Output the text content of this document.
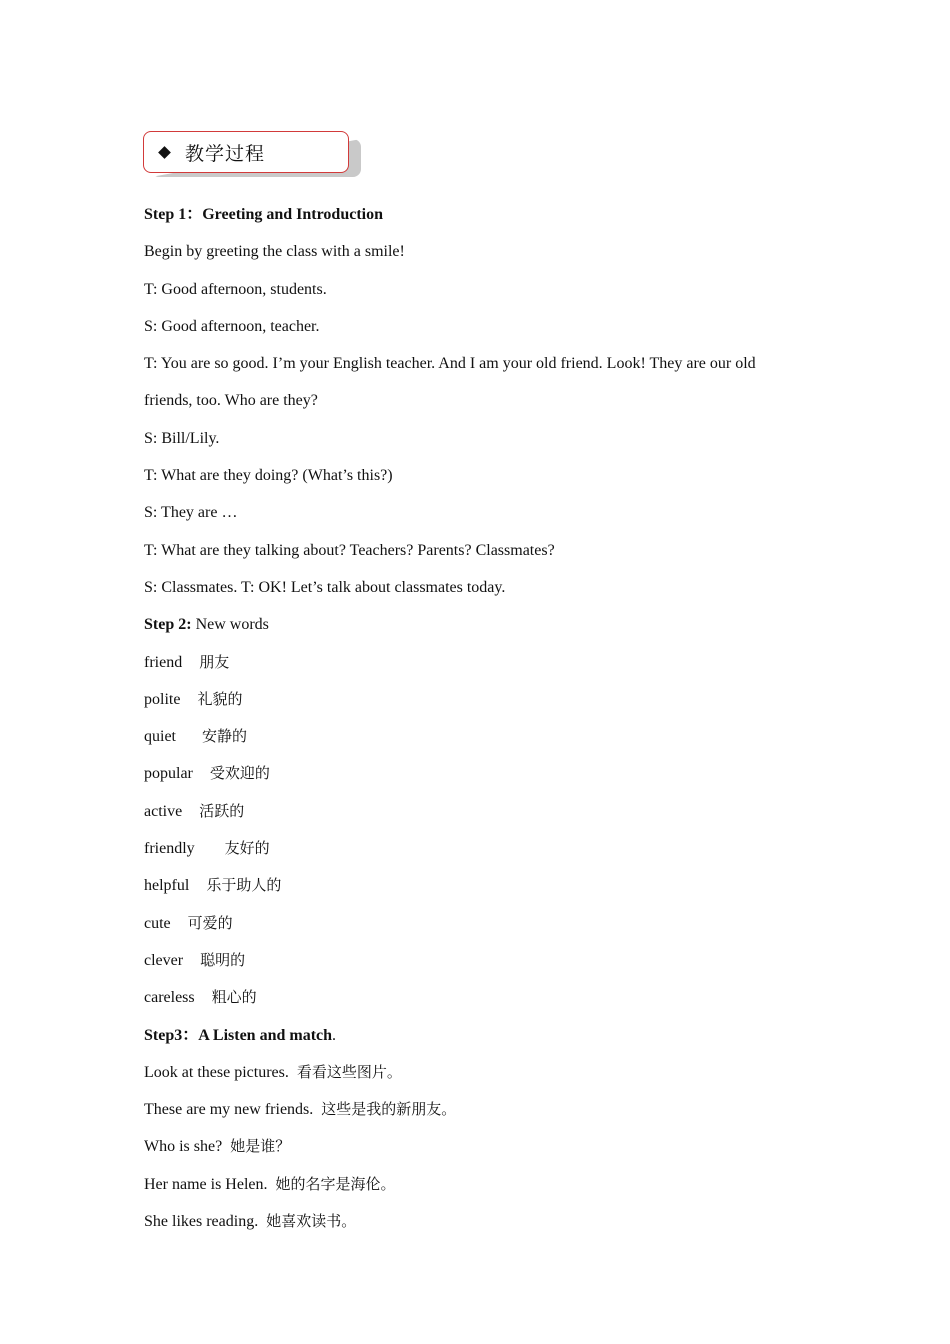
教学过程

Step 1：Greeting and Introduction

Begin by greeting the class with a smile!

T: Good afternoon, students.

S: Good afternoon, teacher.

T: You are so good. I’m your English teacher. And I am your old friend. Look! They are our old

friends, too. Who are they?

S: Bill/Lily.

T: What are they doing? (What’s this?)

S: They are …

T: What are they talking about? Teachers? Parents? Classmates?

S: Classmates. T: OK! Let’s talk about classmates today.

Step 2: New words

friend 朋友

polite 礼貌的

quiet 安静的

popular 受欢迎的

active 活跃的

friendly 友好的

helpful 乐于助人的

cute 可爱的

clever 聪明的

careless 粗心的

Step3：A Listen and match.

Look at these pictures. 看看这些图片。

These are my new friends. 这些是我的新朋友。

Who is she? 她是谁？

Her name is Helen. 她的名字是海伦。

She likes reading. 她喜欢读书。
